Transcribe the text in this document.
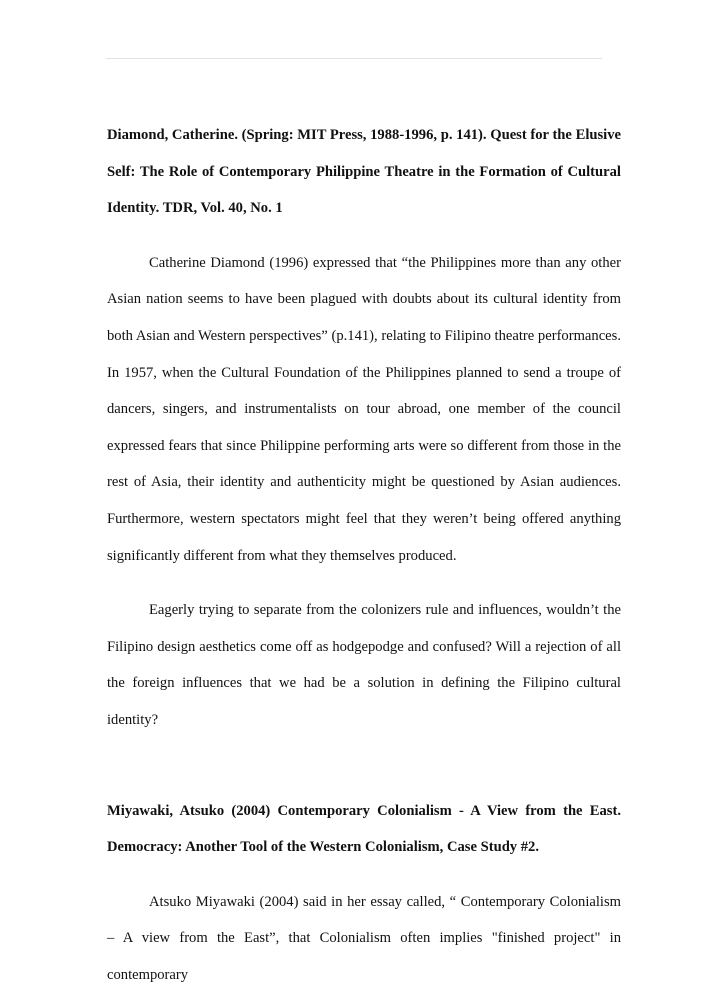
Diamond, Catherine. (Spring: MIT Press, 1988-1996, p. 141). Quest for the Elusive Self: The Role of Contemporary Philippine Theatre in the Formation of Cultural Identity. TDR, Vol. 40, No. 1

Catherine Diamond (1996) expressed that “the Philippines more than any other Asian nation seems to have been plagued with doubts about its cultural identity from both Asian and Western perspectives” (p.141), relating to Filipino theatre performances. In 1957, when the Cultural Foundation of the Philippines planned to send a troupe of dancers, singers, and instrumentalists on tour abroad, one member of the council expressed fears that since Philippine performing arts were so different from those in the rest of Asia, their identity and authenticity might be questioned by Asian audiences. Furthermore, western spectators might feel that they weren’t being offered anything significantly different from what they themselves produced.

Eagerly trying to separate from the colonizers rule and influences, wouldn’t the Filipino design aesthetics come off as hodgepodge and confused? Will a rejection of all the foreign influences that we had be a solution in defining the Filipino cultural identity?

Miyawaki, Atsuko (2004) Contemporary Colonialism - A View from the East. Democracy: Another Tool of the Western Colonialism, Case Study #2.

Atsuko Miyawaki (2004) said in her essay called, “ Contemporary Colonialism – A view from the East”, that Colonialism often implies "finished project" in contemporary
